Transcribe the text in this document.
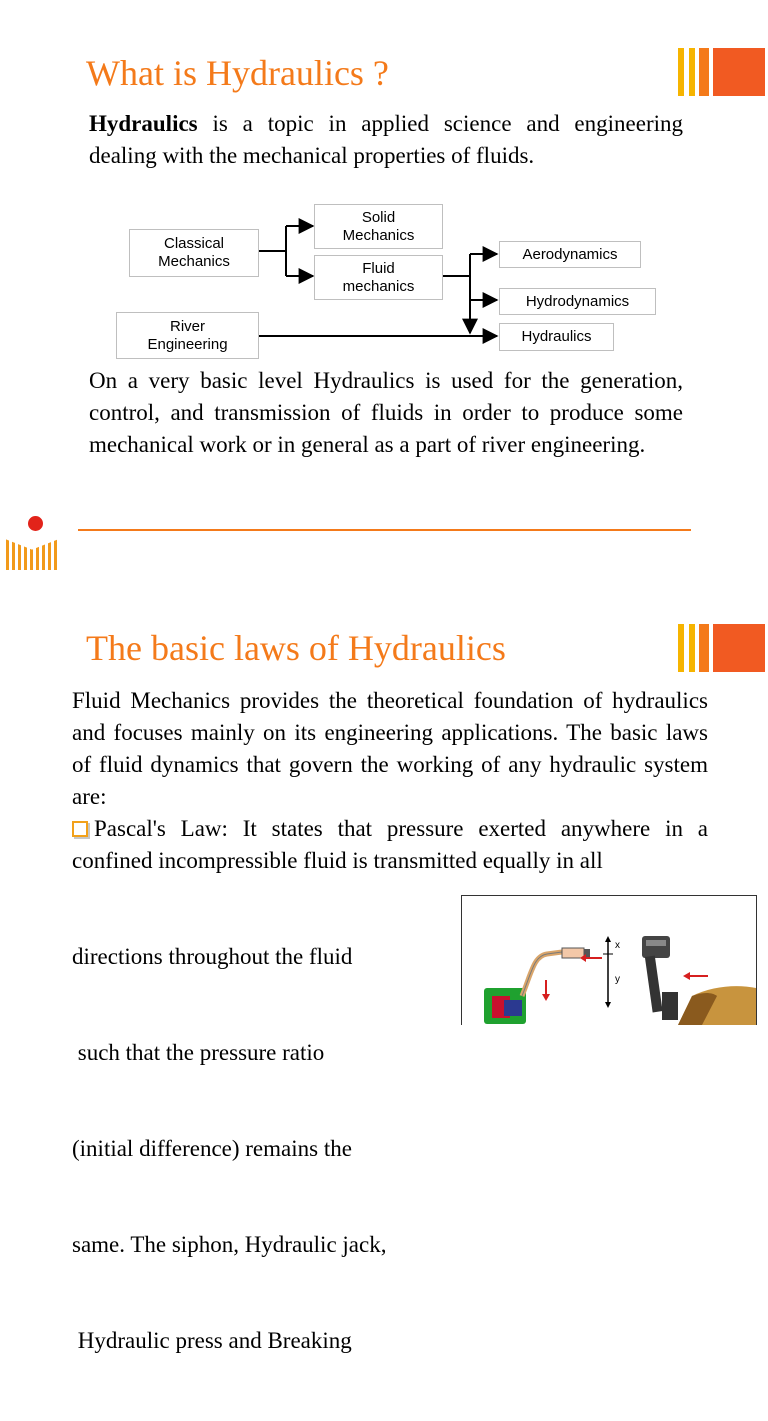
What is Hydraulics ?
Hydraulics is a topic in applied science and engineering dealing with the mechanical properties of fluids.
Classical
Mechanics
Solid
Mechanics
Fluid
mechanics
River
Engineering
Aerodynamics
Hydrodynamics
Hydraulics
On a very basic level Hydraulics is used for the generation, control, and transmission of fluids in order to produce some mechanical work or in general as a part of river engineering.
The basic laws of Hydraulics
Fluid Mechanics provides the theoretical foundation of hydraulics and focuses mainly on its engineering applications. The basic laws of fluid dynamics that govern the working of any hydraulic system are:
Pascal's Law: It states that pressure exerted anywhere in a confined incompressible fluid is transmitted equally in all

directions throughout the fluid

such that the pressure ratio

(initial difference) remains the

same. The siphon, Hydraulic jack,

Hydraulic press and Breaking

x
y
